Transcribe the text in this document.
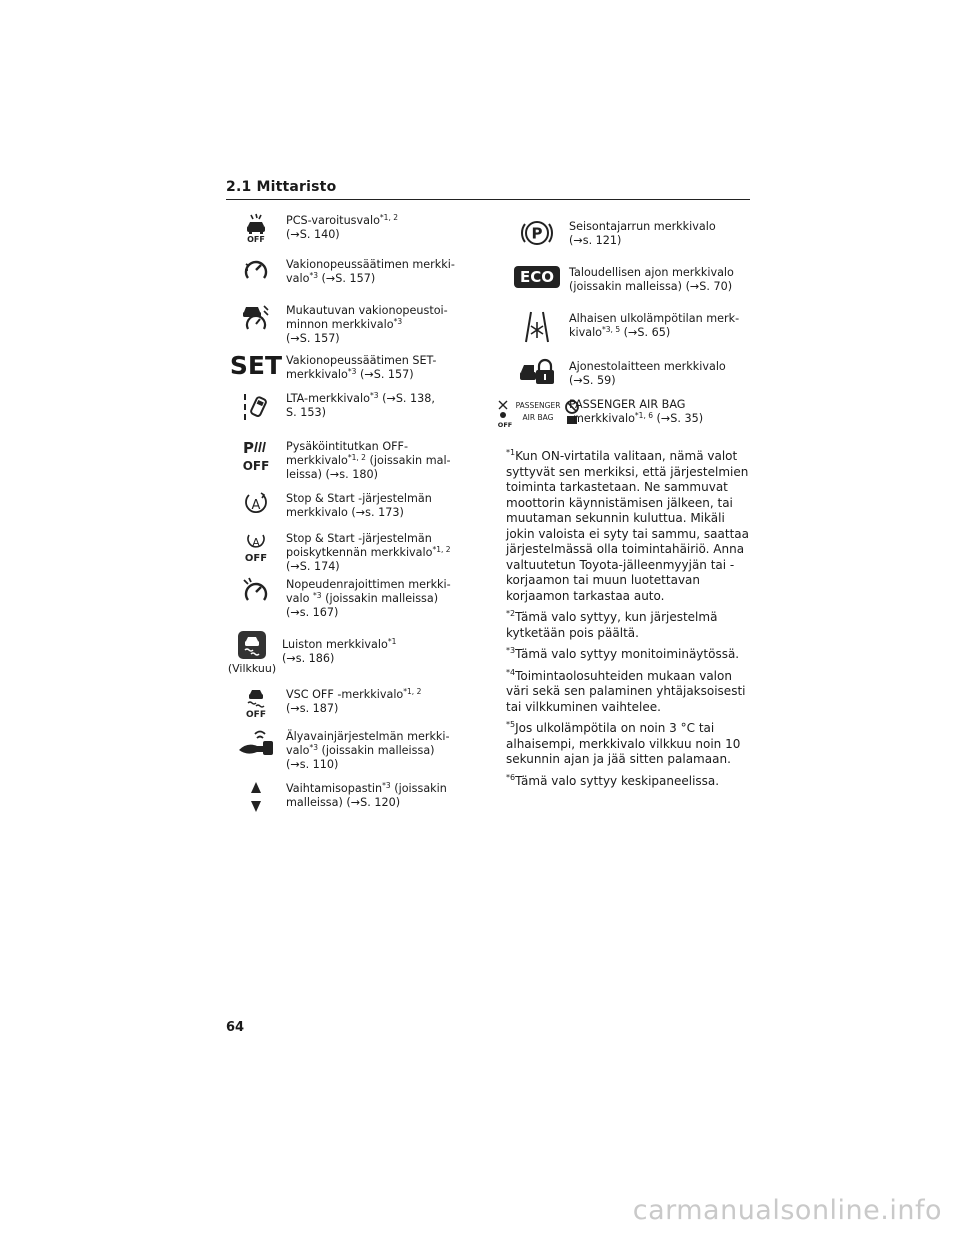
2.1 Mittaristo
OFF
PCS-varoitusvalo$^{*1, 2}$
(→S. 140)
Vakionopeussäätimen merkki-
valo$^{*3}$ (→S. 157)
Mukautuvan vakionopeustoi-
minnon merkkivalo$^{*3}$
(→S. 157)
SET Vakionopeussäätimen SET-
merkkivalo$^{*3}$ (→S. 157)
LTA-merkkivalo$^{*3}$ (→S. 138,
S. 153)
P
OFF
Pysäköintitutkan OFF-
merkkivalo$^{*1, 2}$ (joissakin mal-
leissa) (→s. 180)
A Stop & Start -järjestelmän
merkkivalo (→s. 173)
A
OFF
Stop & Start -järjestelmän
poiskytkennän merkkivalo$^{*1, 2}$
(→S. 174)
Nopeudenrajoittimen merkki-
valo $^{*3}$ (joissakin malleissa)
(→s. 167)
(Vilkkuu)
Luiston merkkivalo$^{*1}$
(→s. 186)
OFF
VSC OFF -merkkivalo$^{*1, 2}$
(→s. 187)
Älyavainjärjestelmän merkki-
valo$^{*3}$ (joissakin malleissa)
(→s. 110)
Vaihtamisopastin$^{*3}$ (joissakin
malleissa) (→S. 120)
P Seisontajarrun merkkivalo
(→s. 121)
ECO	Taloudellisen ajon merkkivalo
(joissakin malleissa) (→S. 70)
Alhaisen ulkolämpötilan merk-
kivalo$^{*3, 5}$ (→S. 65)
Ajonestolaitteen merkkivalo
(→S. 59)
OFF
PASSENGER
AIR BAG
PASSENGER AIR BAG
-merkkivalo$^{*1, 6}$ (→S. 35)
$^{*1}$Kun ON-virtatila valitaan, nämä valot syttyvät sen merkiksi, että järjestelmien toiminta tarkastetaan. Ne sammuvat moottorin käynnistämisen jälkeen, tai muutaman sekunnin kuluttua. Mikäli jokin valoista ei syty tai sammu, saattaa järjestelmässä olla toimintahäiriö. Anna valtuutetun Toyota-jälleenmyyjän tai -korjaamon tai muun luotettavan korjaamon tarkastaa auto.
$^{*2}$Tämä valo syttyy, kun järjestelmä kytketään pois päältä.
$^{*3}$Tämä valo syttyy monitoiminäytössä.
$^{*4}$Toimintaolosuhteiden mukaan valon väri sekä sen palaminen yhtäjaksoisesti tai vilkkuminen vaihtelee.
$^{*5}$Jos ulkolämpötila on noin 3 °C tai alhaisempi, merkkivalo vilkkuu noin 10 sekunnin ajan ja jää sitten palamaan.
$^{*6}$Tämä valo syttyy keskipaneelissa.
64
carmanualsonline.info
